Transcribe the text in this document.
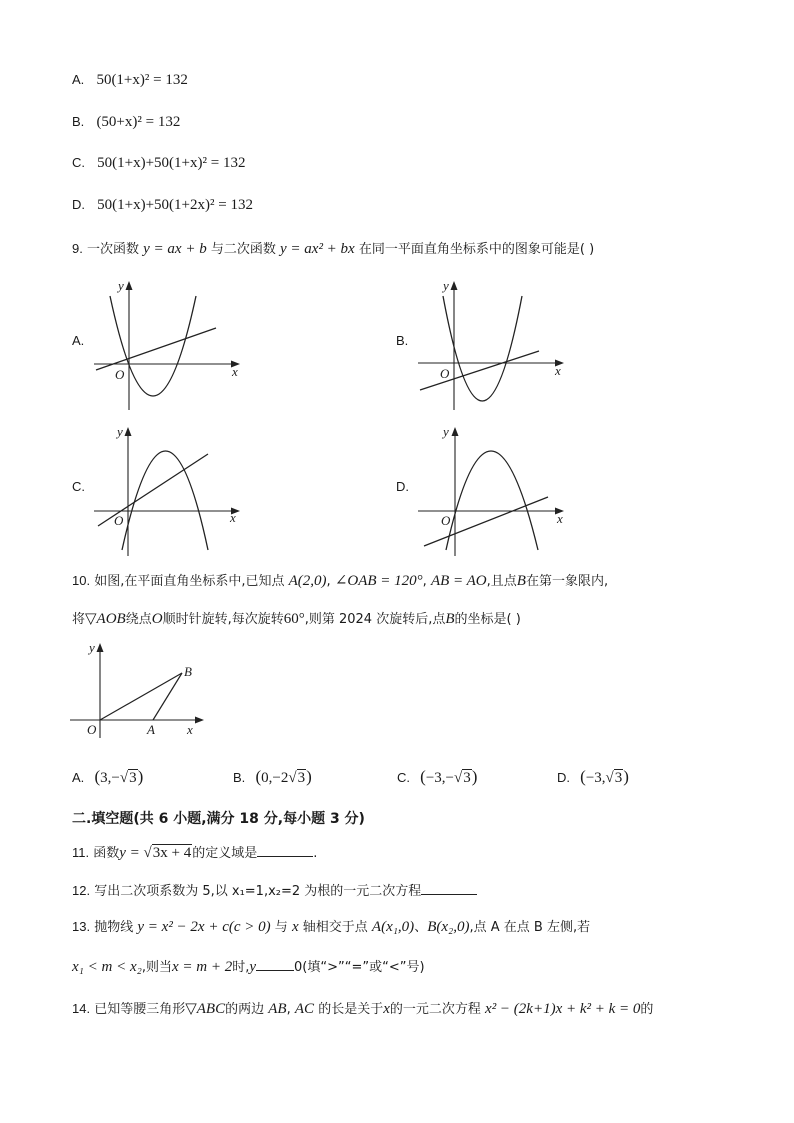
A. 50(1+x)² = 132
B. (50+x)² = 132
C. 50(1+x)+50(1+x)² = 132
D. 50(1+x)+50(1+2x)² = 132
9. 一次函数 y = ax + b 与二次函数 y = ax² + bx 在同一平面直角坐标系中的图象可能是( )
A.
y
x
O
B.
y
x
O
C.
y
x
O
D.
y
x
O
10. 如图,在平面直角坐标系中,已知点 A(2,0), ∠OAB = 120°, AB = AO,且点B在第一象限内,
将▽AOB绕点O顺时针旋转,每次旋转60°,则第 2024 次旋转后,点B的坐标是( )
y
x
O	A
B
A. (3,−√3)	B. (0,−2√3)	C. (−3,−√3)	D. (−3,√3)
二.填空题(共 6 小题,满分 18 分,每小题 3 分)
11. 函数y = √3x + 4的定义域是	.
12. 写出二次项系数为 5,以 x₁=1,x₂=2 为根的一元二次方程
13. 抛物线 y = x² − 2x + c(c > 0) 与 x 轴相交于点 A(x₁,0)、B(x₂,0),点 A 在点 B 左侧,若
x₁ < m < x₂,则当x = m + 2时,y	0(填“>”“=”或“<”号)
14. 已知等腰三角形▽ABC的两边 AB, AC 的长是关于x的一元二次方程 x² − (2k+1)x + k² + k = 0的
